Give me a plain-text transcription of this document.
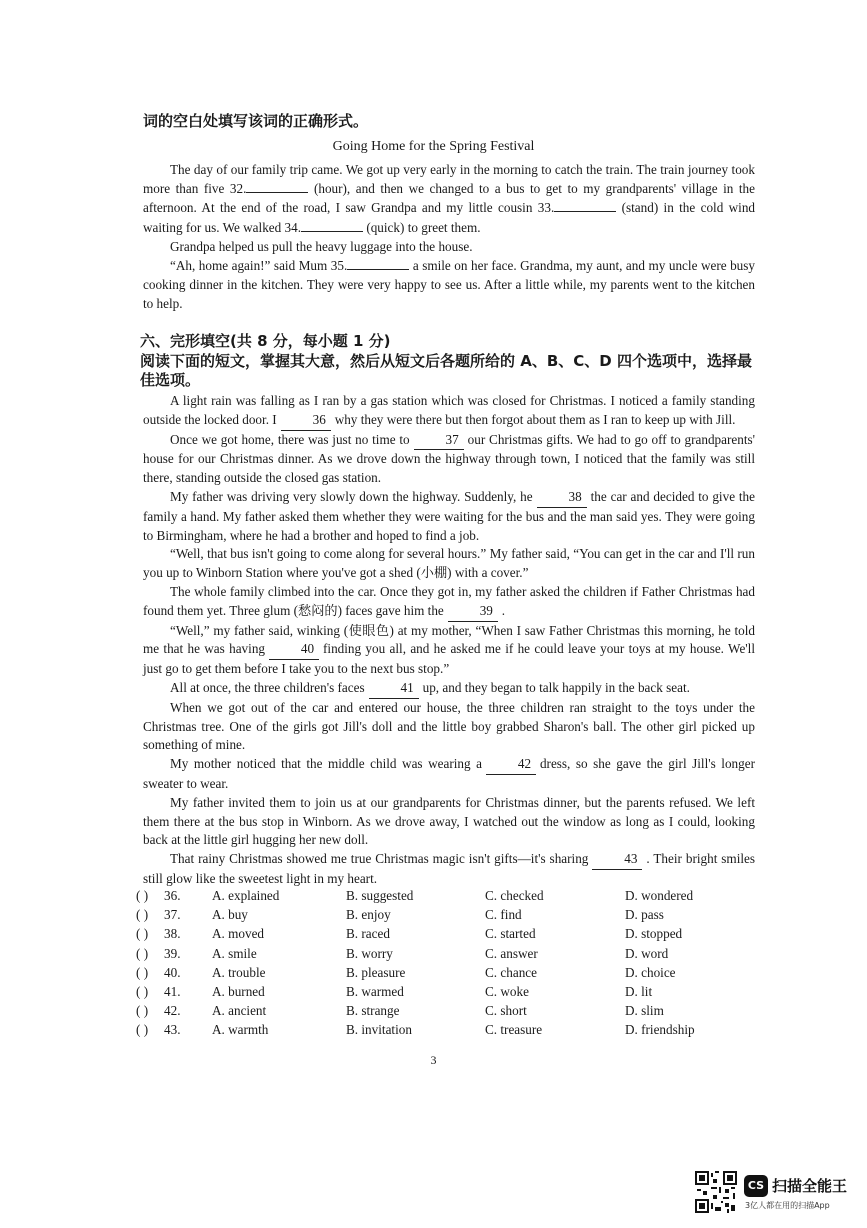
词的空白处填写该词的正确形式。
Going Home for the Spring Festival

The day of our family trip came. We got up very early in the morning to catch the train. The train journey took more than five 32.	(hour), and then we changed to a bus to get to my grandparents' village in the afternoon. At the end of the road, I saw Grandpa and my little cousin 33.	(stand) in the cold wind waiting for us. We walked 34.	(quick) to greet them.

Grandpa helped us pull the heavy luggage into the house.

“Ah, home again!” said Mum 35.	a smile on her face. Grandma, my aunt, and my uncle were busy cooking dinner in the kitchen. They were very happy to see us. After a little while, my parents went to the kitchen to help.

六、完形填空(共 8 分，每小题 1 分)
阅读下面的短文，掌握其大意，然后从短文后各题所给的 A、B、C、D 四个选项中，选择最佳选项。

A light rain was falling as I ran by a gas station which was closed for Christmas. I noticed a family standing outside the locked door. I	36 why they were there but then forgot about them as I ran to keep up with Jill.

Once we got home, there was just no time to	37 our Christmas gifts. We had to go off to grandparents' house for our Christmas dinner. As we drove down the highway through town, I noticed that the family was still there, standing outside the closed gas station.

My father was driving very slowly down the highway. Suddenly, he	38 the car and decided to give the family a hand. My father asked them whether they were waiting for the bus and the man said yes. They were going to Birmingham, where he had a brother and hoped to find a job.

“Well, that bus isn't going to come along for several hours.” My father said, “You can get in the car and I'll run you up to Winborn Station where you've got a shed (小棚) with a cover.”

The whole family climbed into the car. Once they got in, my father asked the children if Father Christmas had found them yet. Three glum (愁闷的) faces gave him the	39 .

“Well,” my father said, winking (使眼色) at my mother, “When I saw Father Christmas this morning, he told me that he was having	40 finding you all, and he asked me if he could leave your toys at my house. We'll just go to get them before I take you to the next bus stop.”

All at once, the three children's faces	41 up, and they began to talk happily in the back seat.

When we got out of the car and entered our house, the three children ran straight to the toys under the Christmas tree. One of the girls got Jill's doll and the little boy grabbed Sharon's ball. The other girl picked up something of mine.

My mother noticed that the middle child was wearing a	42 dress, so she gave the girl Jill's longer sweater to wear.

My father invited them to join us at our grandparents for Christmas dinner, but the parents refused. We left them there at the bus stop in Winborn. As we drove away, I watched out the window as long as I could, looking back at the little girl hugging her new doll.

That rainy Christmas showed me true Christmas magic isn't gifts—it's sharing	43 . Their bright smiles still glow like the sweetest light in my heart.

( ) 36. A. explained	B. suggested	C. checked	D. wondered
( ) 37. A. buy	B. enjoy	C. find	D. pass
( ) 38. A. moved	B. raced	C. started	D. stopped
( ) 39. A. smile	B. worry	C. answer	D. word
( ) 40. A. trouble	B. pleasure	C. chance	D. choice
( ) 41. A. burned	B. warmed	C. woke	D. lit
( ) 42. A. ancient	B. strange	C. short	D. slim
( ) 43. A. warmth	B. invitation	C. treasure	D. friendship
3
CS 扫描全能王
3亿人都在用的扫描App
